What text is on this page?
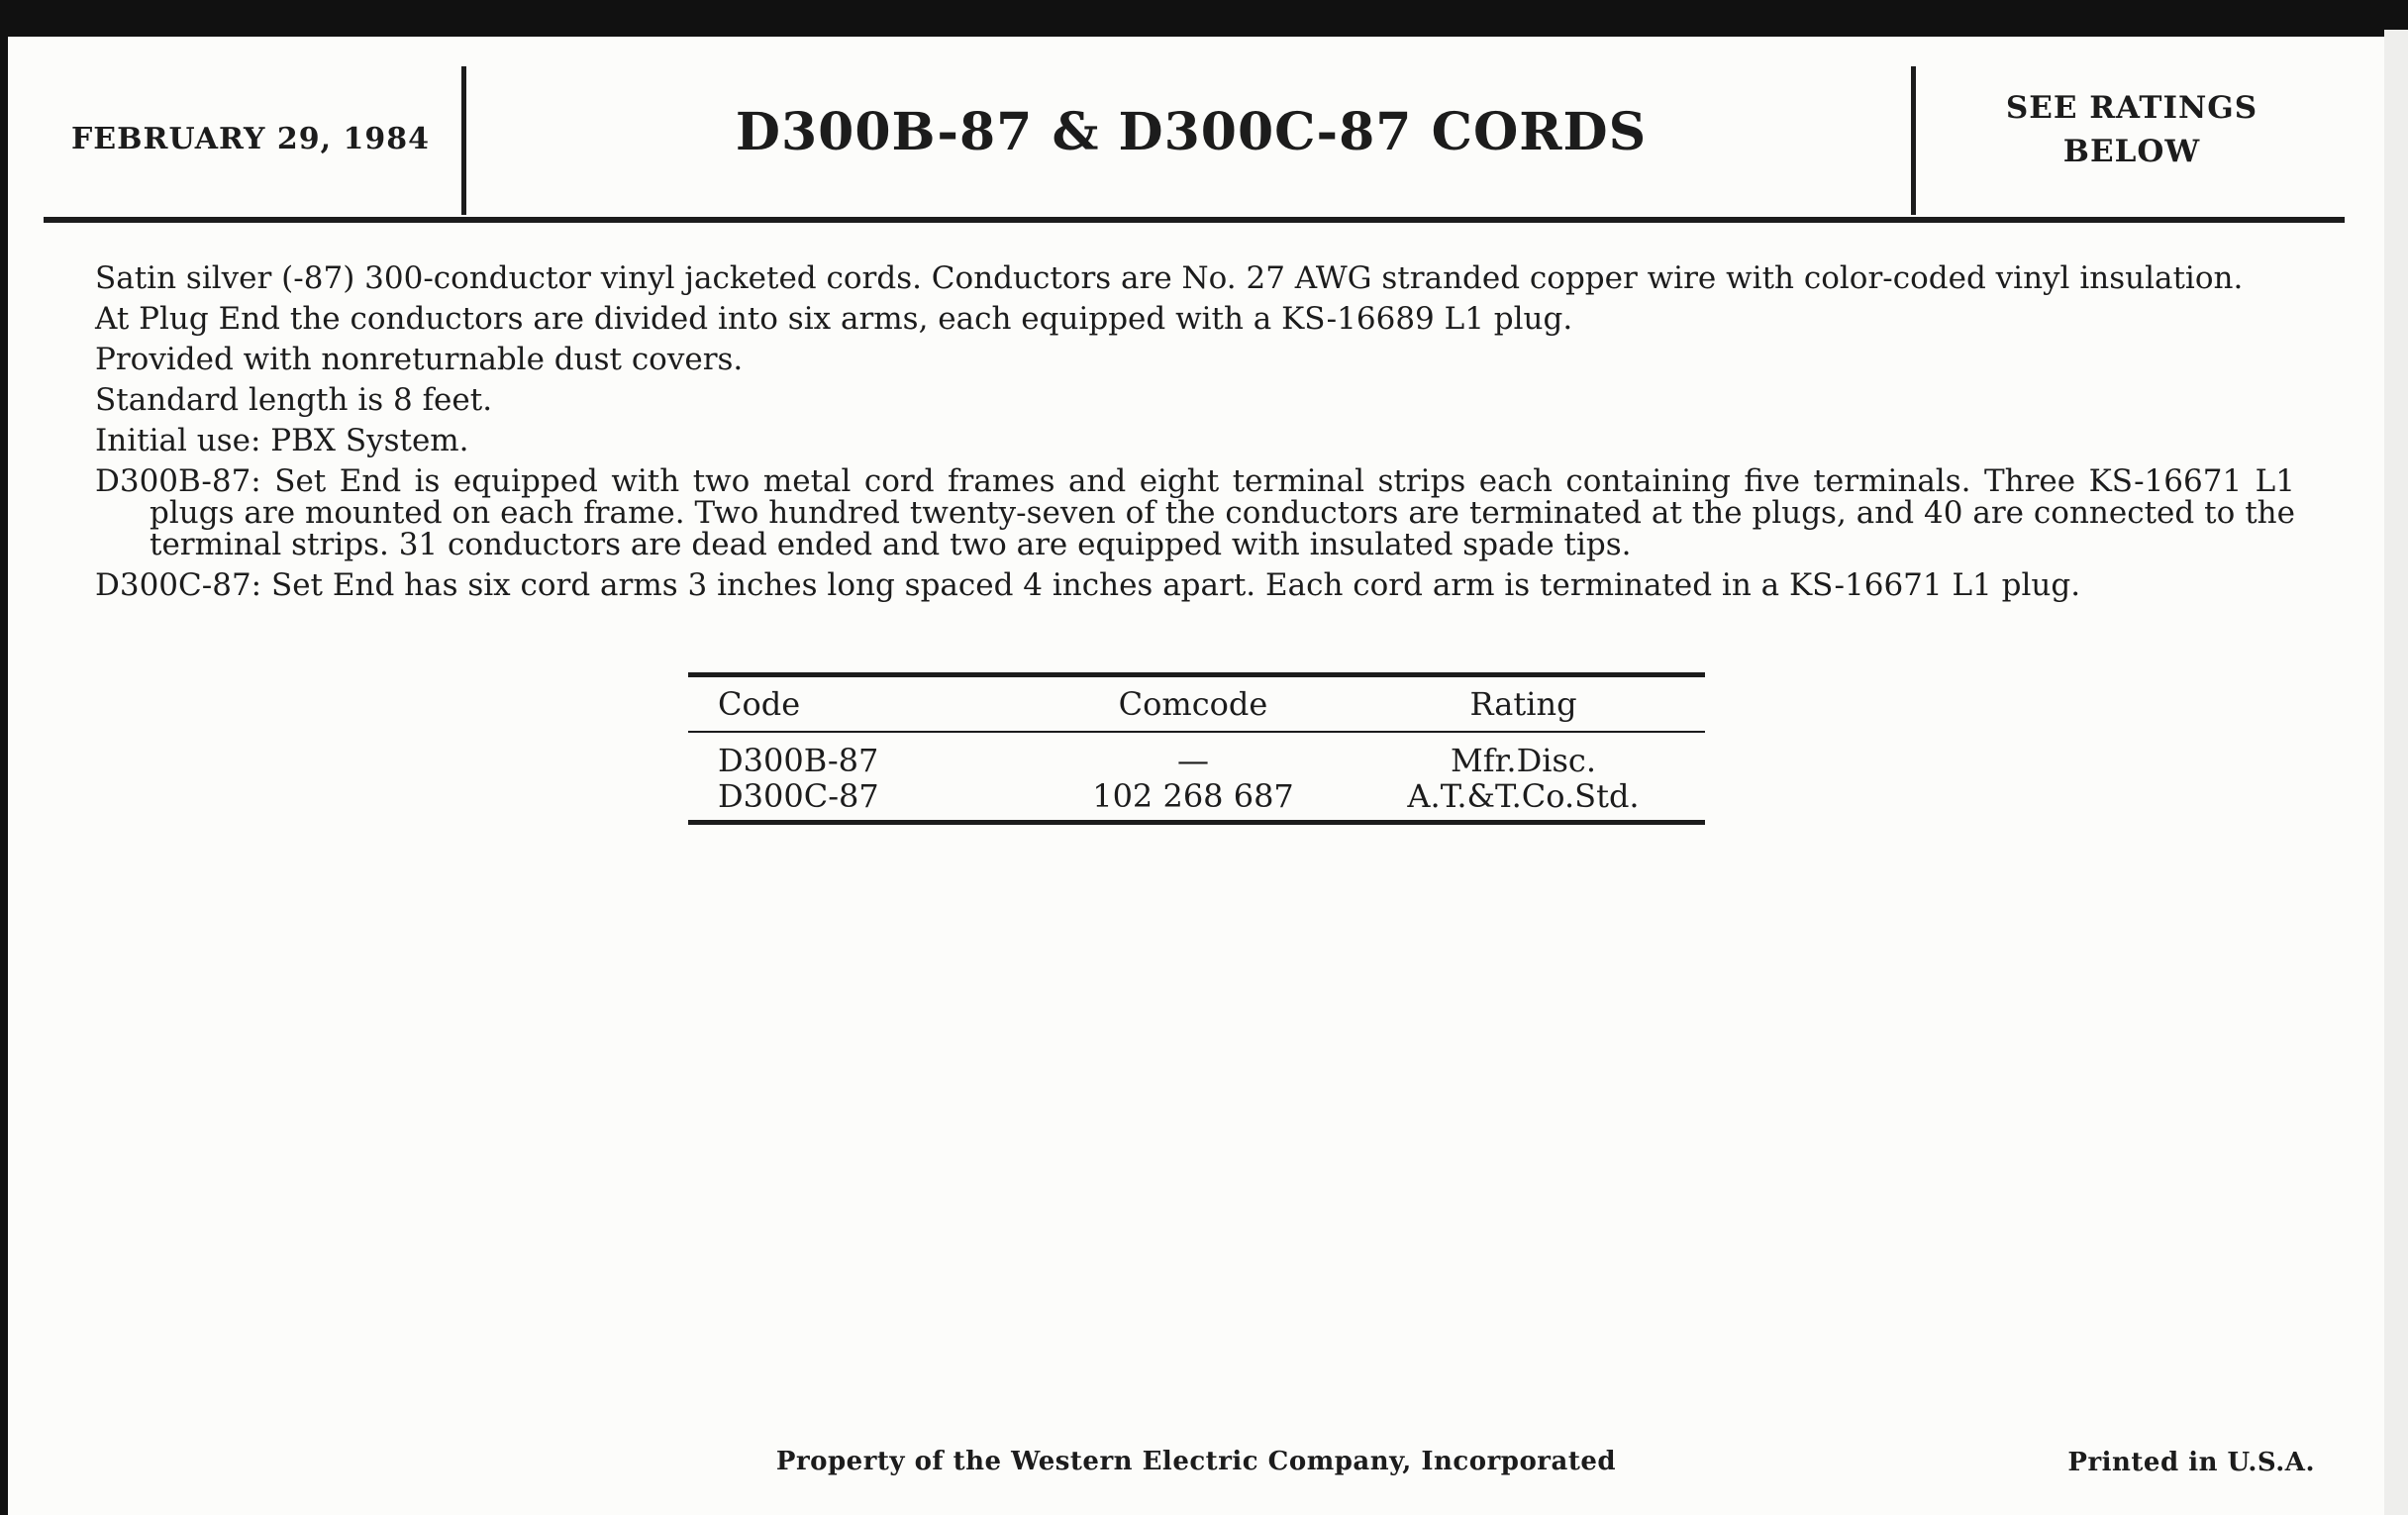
FEBRUARY 29, 1984	D300B-87 & D300C-87 CORDS	SEE RATINGS
BELOW

Satin silver (-87) 300-conductor vinyl jacketed cords. Conductors are No. 27 AWG stranded copper wire with color-coded vinyl insulation.

At Plug End the conductors are divided into six arms, each equipped with a KS-16689 L1 plug.

Provided with nonreturnable dust covers.

Standard length is 8 feet.

Initial use: PBX System.

D300B-87: Set End is equipped with two metal cord frames and eight terminal strips each containing five terminals. Three KS-16671 L1 plugs are mounted on each frame. Two hundred twenty-seven of the conductors are terminated at the plugs, and 40 are connected to the terminal strips. 31 conductors are dead ended and two are equipped with insulated spade tips.

D300C-87: Set End has six cord arms 3 inches long spaced 4 inches apart. Each cord arm is terminated in a KS-16671 L1 plug.

Code	Comcode	Rating
D300B-87	—	Mfr.Disc.
D300C-87	102 268 687	A.T.&T.Co.Std.
Property of the Western Electric Company, Incorporated	Printed in U.S.A.
